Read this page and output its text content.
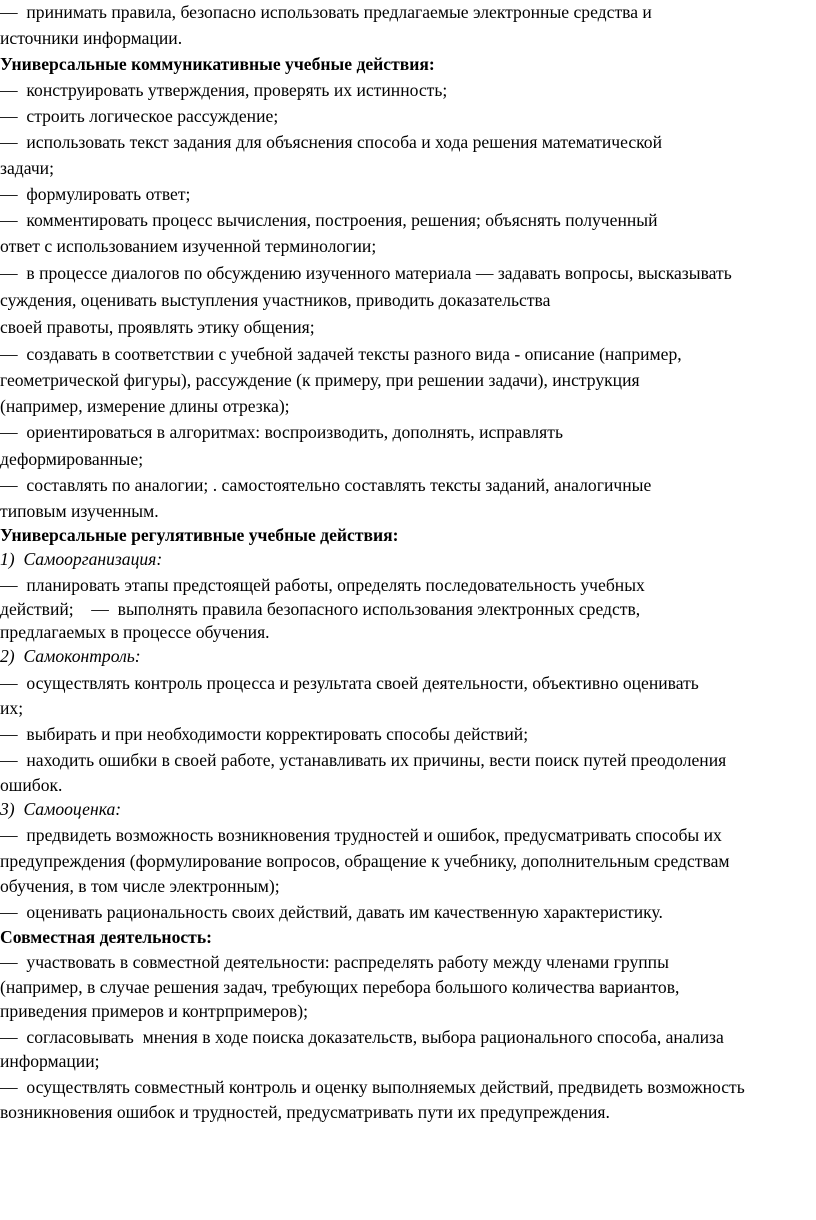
—  принимать правила, безопасно использовать предлагаемые электронные средства и

источники информации.

Универсальные коммуникативные учебные действия:

—  конструировать утверждения, проверять их истинность;

—  строить логическое рассуждение;

—  использовать текст задания для объяснения способа и хода решения математической

задачи;

—  формулировать ответ;

—  комментировать процесс вычисления, построения, решения; объяснять полученный

ответ с использованием изученной терминологии;

—  в процессе диалогов по обсуждению изученного материала — задавать вопросы, высказывать

суждения, оценивать выступления участников, приводить доказательства

своей правоты, проявлять этику общения;

—  создавать в соответствии с учебной задачей тексты разного вида - описание (например,

геометрической фигуры), рассуждение (к примеру, при решении задачи), инструкция

(например, измерение длины отрезка);

—  ориентироваться в алгоритмах: воспроизводить, дополнять, исправлять

деформированные;

—  составлять по аналогии; . самостоятельно составлять тексты заданий, аналогичные

типовым изученным.

Универсальные регулятивные учебные действия:

1)  Самоорганизация:

—  планировать этапы предстоящей работы, определять последовательность учебных

действий;    —  выполнять правила безопасного использования электронных средств,

предлагаемых в процессе обучения.

2)  Самоконтроль:

—  осуществлять контроль процесса и результата своей деятельности, объективно оценивать

их;

—  выбирать и при необходимости корректировать способы действий;

—  находить ошибки в своей работе, устанавливать их причины, вести поиск путей преодоления

ошибок.

3)  Самооценка:

—  предвидеть возможность возникновения трудностей и ошибок, предусматривать способы их

предупреждения (формулирование вопросов, обращение к учебнику, дополнительным средствам

обучения, в том числе электронным);

—  оценивать рациональность своих действий, давать им качественную характеристику.

Совместная деятельность:

—  участвовать в совместной деятельности: распределять работу между членами группы

(например, в случае решения задач, требующих перебора большого количества вариантов,

приведения примеров и контрпримеров);

—  согласовывать  мнения в ходе поиска доказательств, выбора рационального способа, анализа

информации;

—  осуществлять совместный контроль и оценку выполняемых действий, предвидеть возможность

возникновения ошибок и трудностей, предусматривать пути их предупреждения.
